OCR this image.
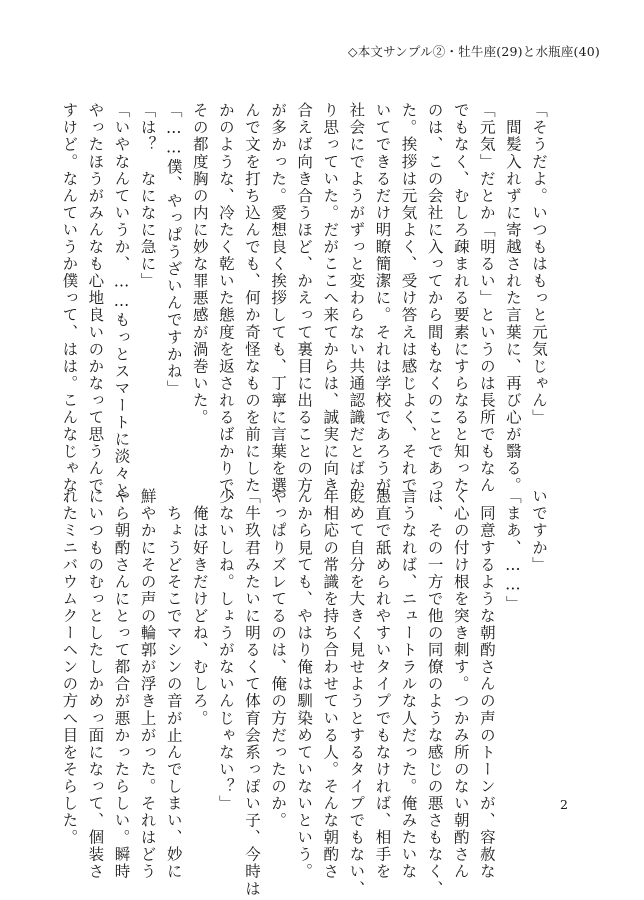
◇本文サンプル②・牡牛座(29)と水瓶座(40)
「そうだよ。いつもはもっと元気じゃん」
　間髪入れずに寄越された言葉に、再び心が翳る。
「元気」だとか「明るい」というのは長所でもなん
でもなく、むしろ疎まれる要素にすらなると知った
のは、この会社に入ってから間もなくのことであっ
た。挨拶は元気よく、受け答えは感じよく、それで
いてできるだけ明瞭簡潔に。それは学校であろうが
社会にでようがずっと変わらない共通認識だとばか
り思っていた。だがここへ来てからは、誠実に向き
合えば向き合うほど、かえって裏目に出ることの方
が多かった。愛想良く挨拶しても、丁寧に言葉を選
んで文を打ち込んでも、何か奇怪なものを前にした
かのような、冷たく乾いた態度を返されるばかりで、
その都度胸の内に妙な罪悪感が渦巻いた。
「……僕、やっぱうざいんですかね」
「は？　なになに急に」
「いやなんていうか、……もっとスマートに淡々と
やったほうがみんなも心地良いのかなって思うんで
すけど。なんていうか僕って、はは。こんなじゃな
いですか」
「まあ、……」
　同意するような朝酌さんの声のトーンが、容赦な
く心の付け根を突き刺す。つかみ所のない朝酌さん
は、その一方で他の同僚のような感じの悪さもなく、
言うなれば、ニュートラルな人だった。俺みたいな
愚直で舐められやすいタイプでもなければ、相手を
貶めて自分を大きく見せようとするタイプでもない、
年相応の常識を持ち合わせている人。そんな朝酌さ
んから見ても、やはり俺は馴染めていないという。
やっぱりズレてるのは、俺の方だったのか。
「牛玖君みたいに明るくて体育会系っぽい子、今時は
少ないしね。しょうがないんじゃない？」
　俺は好きだけどね、むしろ。
　ちょうどそこでマシンの音が止んでしまい、妙に
鮮やかにその声の輪郭が浮き上がった。それはどう
やら朝酌さんにとって都合が悪かったらしい。瞬時
にいつものむっとしたしかめっ面になって、個装さ
れたミニバウムクーヘンの方へ目をそらした。	2
